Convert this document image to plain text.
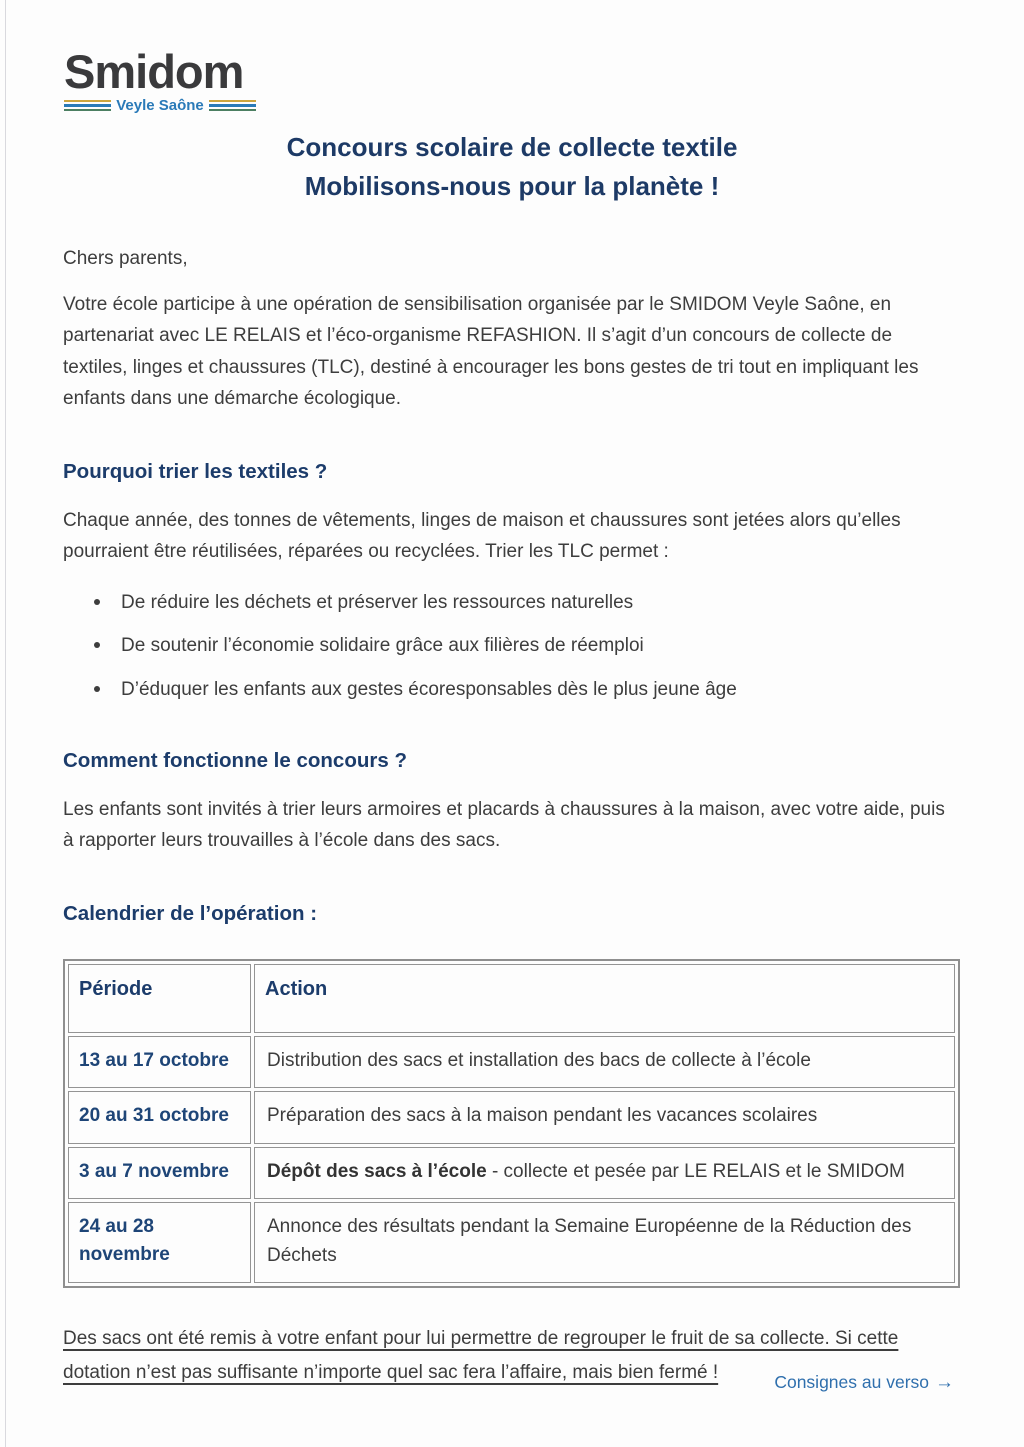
Smidom
Veyle Saône
Concours scolaire de collecte textile
Mobilisons-nous pour la planète !
Chers parents,
Votre école participe à une opération de sensibilisation organisée par le SMIDOM Veyle Saône, en partenariat avec LE RELAIS et l’éco-organisme REFASHION. Il s’agit d’un concours de collecte de textiles, linges et chaussures (TLC), destiné à encourager les bons gestes de tri tout en impliquant les enfants dans une démarche écologique.
Pourquoi trier les textiles ?
Chaque année, des tonnes de vêtements, linges de maison et chaussures sont jetées alors qu’elles pourraient être réutilisées, réparées ou recyclées. Trier les TLC permet :
De réduire les déchets et préserver les ressources naturelles
De soutenir l’économie solidaire grâce aux filières de réemploi
D’éduquer les enfants aux gestes écoresponsables dès le plus jeune âge
Comment fonctionne le concours ?
Les enfants sont invités à trier leurs armoires et placards à chaussures à la maison, avec votre aide, puis à rapporter leurs trouvailles à l’école dans des sacs.
Calendrier de l’opération :
Période	Action
13 au 17 octobre	Distribution des sacs et installation des bacs de collecte à l’école
20 au 31 octobre	Préparation des sacs à la maison pendant les vacances scolaires
3 au 7 novembre	Dépôt des sacs à l’école - collecte et pesée par LE RELAIS et le SMIDOM
24 au 28 novembre	Annonce des résultats pendant la Semaine Européenne de la Réduction des Déchets
Des sacs ont été remis à votre enfant pour lui permettre de regrouper le fruit de sa collecte. Si cette dotation n’est pas suffisante n’importe quel sac fera l’affaire, mais bien fermé !	Consignes au verso →
